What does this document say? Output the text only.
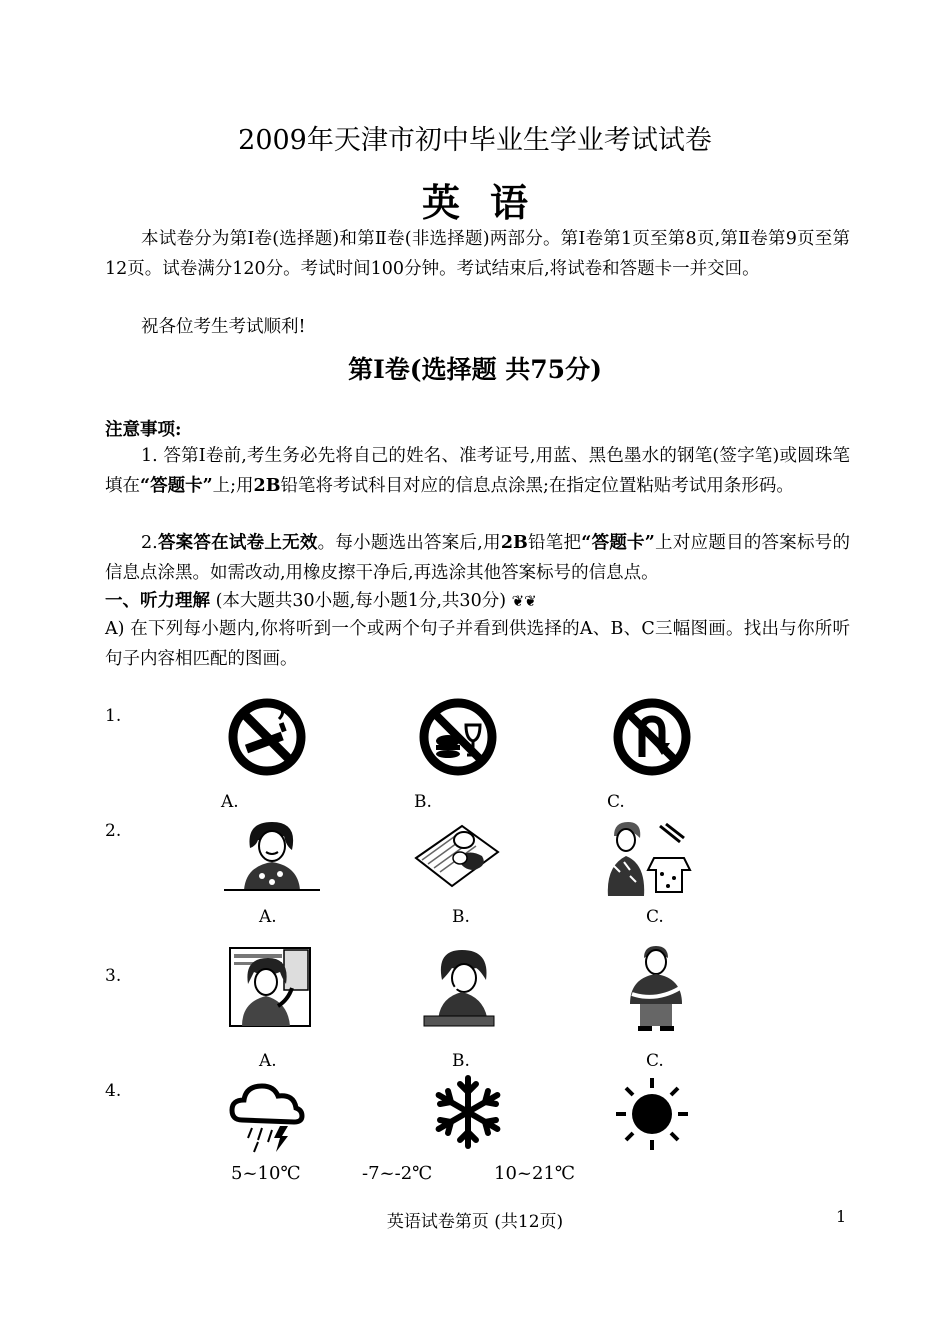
2009年天津市初中毕业生学业考试试卷
英语
本试卷分为第Ⅰ卷(选择题)和第Ⅱ卷(非选择题)两部分。第Ⅰ卷第1页至第8页,第Ⅱ卷第9页至第12页。试卷满分120分。考试时间100分钟。考试结束后,将试卷和答题卡一并交回。
祝各位考生考试顺利!
第Ⅰ卷(选择题 共75分)
注意事项:
1. 答第Ⅰ卷前,考生务必先将自己的姓名、准考证号,用蓝、黑色墨水的钢笔(签字笔)或圆珠笔填在“答题卡”上;用2B铅笔将考试科目对应的信息点涂黑;在指定位置粘贴考试用条形码。
2.答案答在试卷上无效。每小题选出答案后,用2B铅笔把“答题卡”上对应题目的答案标号的信息点涂黑。如需改动,用橡皮擦干净后,再选涂其他答案标号的信息点。
一、听力理解 (本大题共30小题,每小题1分,共30分) ❦❦
A) 在下列每小题内,你将听到一个或两个句子并看到供选择的A、B、C三幅图画。找出与你所听句子内容相匹配的图画。
1.
A.	B.	C.
2.
A.	B.	C.
3.
A.	B.	C.
4.
5~10℃	-7~-2℃	10~21℃
英语试卷第页 (共12页)	1
